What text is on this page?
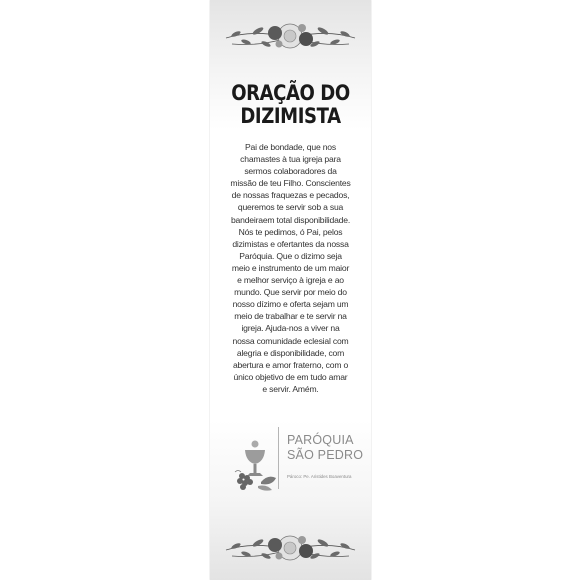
ORAÇÃO DO
DIZIMISTA
Pai de bondade, que nos
chamastes à tua igreja para
sermos colaboradores da
missão de teu Filho. Conscientes
de nossas fraquezas e pecados,
queremos te servir sob a sua
bandeiraem total disponibilidade.
Nós te pedimos, ó Pai, pelos
dizimistas e ofertantes da nossa
Paróquia. Que o dizimo seja
meio e instrumento de um maior
e melhor serviço à igreja e ao
mundo. Que servir por meio do
nosso dízimo e oferta sejam um
meio de trabalhar e te servir na
igreja. Ajuda-nos a viver na
nossa comunidade eclesial com
alegria e disponibilidade, com
abertura e amor fraterno, com o
único objetivo de em tudo amar
e servir. Amém.
PARÓQUIA
SÃO PEDRO
Pároco: Pe. Aristides Boaventura
